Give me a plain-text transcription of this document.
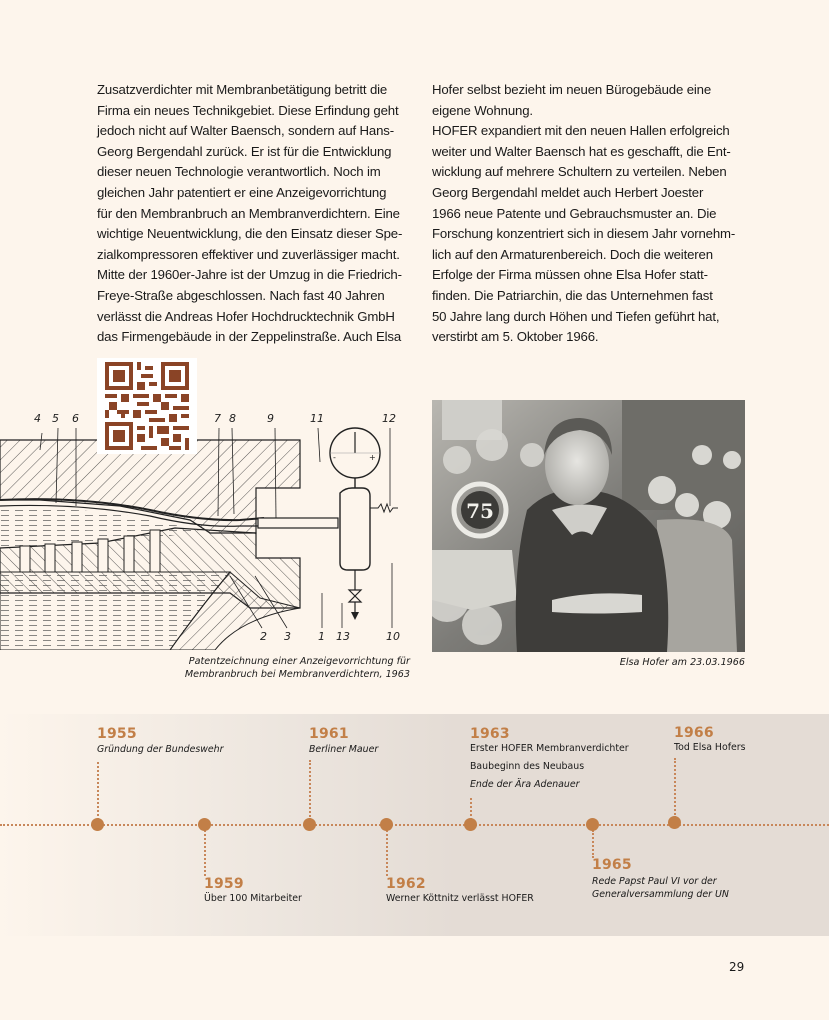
Zusatzverdichter mit Membranbetätigung betritt die

Firma ein neues Technikgebiet. Diese Erfindung geht

jedoch nicht auf Walter Baensch, sondern auf Hans-

Georg Bergendahl zurück. Er ist für die Entwicklung

dieser neuen Technologie verantwortlich. Noch im

gleichen Jahr patentiert er eine Anzeigevorrichtung

für den Membranbruch an Membranverdichtern. Eine

wichtige Neuentwicklung, die den Einsatz dieser Spe-

zialkompressoren effektiver und zuverlässiger macht.

Mitte der 1960er-Jahre ist der Umzug in die Friedrich-

Freye-Straße abgeschlossen. Nach fast 40 Jahren

verlässt die Andreas Hofer Hochdrucktechnik GmbH

das Firmengebäude in der Zeppelinstraße. Auch Elsa

Hofer selbst bezieht im neuen Bürogebäude eine

eigene Wohnung.

HOFER expandiert mit den neuen Hallen erfolgreich

weiter und Walter Baensch hat es geschafft, die Ent-

wicklung auf mehrere Schultern zu verteilen. Neben

Georg Bergendahl meldet auch Herbert Joester

1966 neue Patente und Gebrauchsmuster an. Die

Forschung konzentriert sich in diesem Jahr vornehm-

lich auf den Armaturenbereich. Doch die weiteren

Erfolge der Firma müssen ohne Elsa Hofer statt-

finden. Die Patriarchin, die das Unternehmen fast

50 Jahre lang durch Höhen und Tiefen geführt hat,

verstirbt am 5. Oktober 1966.

-	+
4 5 6	7 8	9	11	12
2 3 1 13	10
Patentzeichnung einer Anzeigevorrichtung für
Membranbruch bei Membranverdichtern, 1963
75
Elsa Hofer am 23.03.1966
1955
Gründung der Bundeswehr
1959
Über 100 Mitarbeiter
1961
Berliner Mauer
1962
Werner Köttnitz verlässt HOFER
1963
Erster HOFER Membranverdichter
Baubeginn des Neubaus
Ende der Ära Adenauer
1965
Rede Papst Paul VI vor der
Generalversammlung der UN
1966
Tod Elsa Hofers
29
